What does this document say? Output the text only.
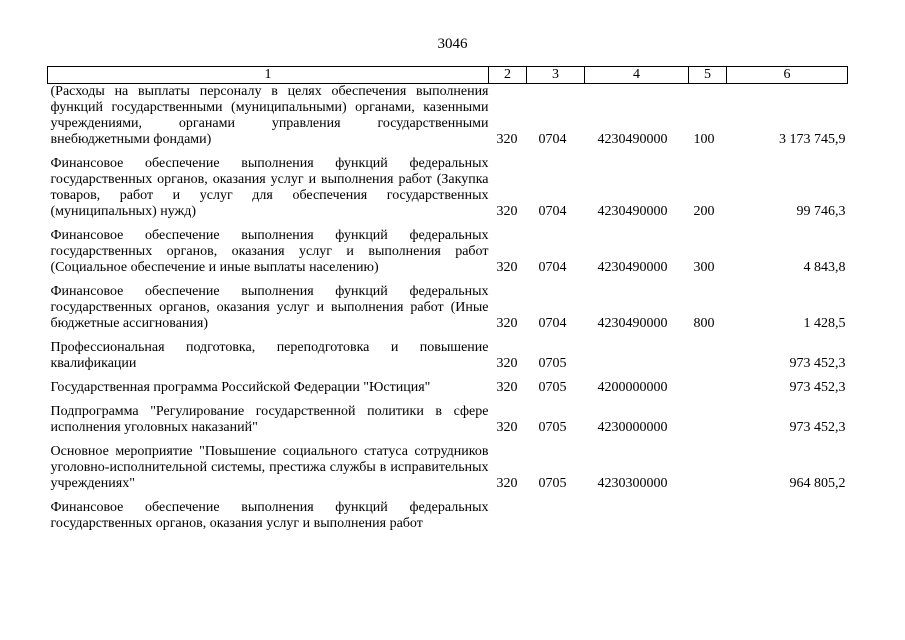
3046
1	2	3	4	5	6
(Расходы на выплаты персоналу в целях обеспечения выполнения функций государственными (муниципальными) органами, казенными учреждениями, органами управления государственными внебюджетными фондами)	320	0704	4230490000	100	3 173 745,9
Финансовое обеспечение выполнения функций федеральных государственных органов, оказания услуг и выполнения работ (Закупка товаров, работ и услуг для обеспечения государственных (муниципальных) нужд)	320	0704	4230490000	200	99 746,3
Финансовое обеспечение выполнения функций федеральных государственных органов, оказания услуг и выполнения работ (Социальное обеспечение и иные выплаты населению)	320	0704	4230490000	300	4 843,8
Финансовое обеспечение выполнения функций федеральных государственных органов, оказания услуг и выполнения работ (Иные бюджетные ассигнования)	320	0704	4230490000	800	1 428,5
Профессиональная подготовка, переподготовка и повышение квалификации	320	0705			973 452,3
Государственная программа Российской Федерации "Юстиция"	320	0705	4200000000		973 452,3
Подпрограмма "Регулирование государственной политики в сфере исполнения уголовных наказаний"	320	0705	4230000000		973 452,3
Основное мероприятие "Повышение социального статуса сотрудников уголовно-исполнительной системы, престижа службы в исправительных учреждениях"	320	0705	4230300000		964 805,2
Финансовое обеспечение выполнения функций федеральных государственных органов, оказания услуг и выполнения работ					
